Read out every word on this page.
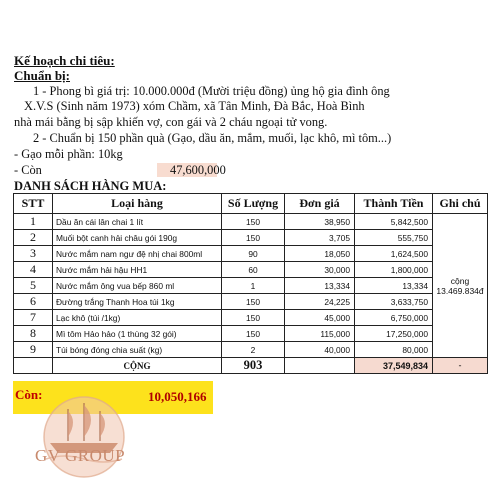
Kế hoạch chi tiêu:
Chuẩn bị:
1 - Phong bì giá trị: 10.000.000đ (Mười triệu đồng) ủng hộ gia đình ông
X.V.S (Sinh năm 1973) xóm Chầm, xã Tân Minh, Đà Bắc, Hoà Bình
nhà mái bằng bị sập khiến vợ, con gái và 2 cháu ngoại tử vong.
2 - Chuẩn bị 150 phần quà (Gạo, dầu ăn, mắm, muối, lạc khô, mì tôm...)
- Gạo mỗi phần: 10kg
- Còn	47,600,000
DANH SÁCH HÀNG MUA:
STT	Loại hàng	Số Lượng	Đơn giá	Thành Tiền	Ghi chú
1	Dầu ăn cái lân chai 1 lít	150	38,950	5,842,500	cộng
13.469.834đ

2	Muối bột canh hải châu gói 190g	150	3,705	555,750	
3	Nước mắm nam ngư đệ nhị chai 800ml	90	18,050	1,624,500	
4	Nước mắm hải hậu HH1	60	30,000	1,800,000	
5	Nước mắm ông vua bếp 860 ml	1	13,334	13,334	
6	Đường trắng Thanh Hoa túi 1kg	150	24,225	3,633,750	
7	Lạc khô (túi /1kg)	150	45,000	6,750,000	
8	Mì tôm Hảo hảo (1 thùng 32 gói)	150	115,000	17,250,000	
9	Túi bóng đóng chia suất (kg)	2	40,000	80,000	
	CỘNG	903		37,549,834	-
Còn:	10,050,166
GV GROUP
